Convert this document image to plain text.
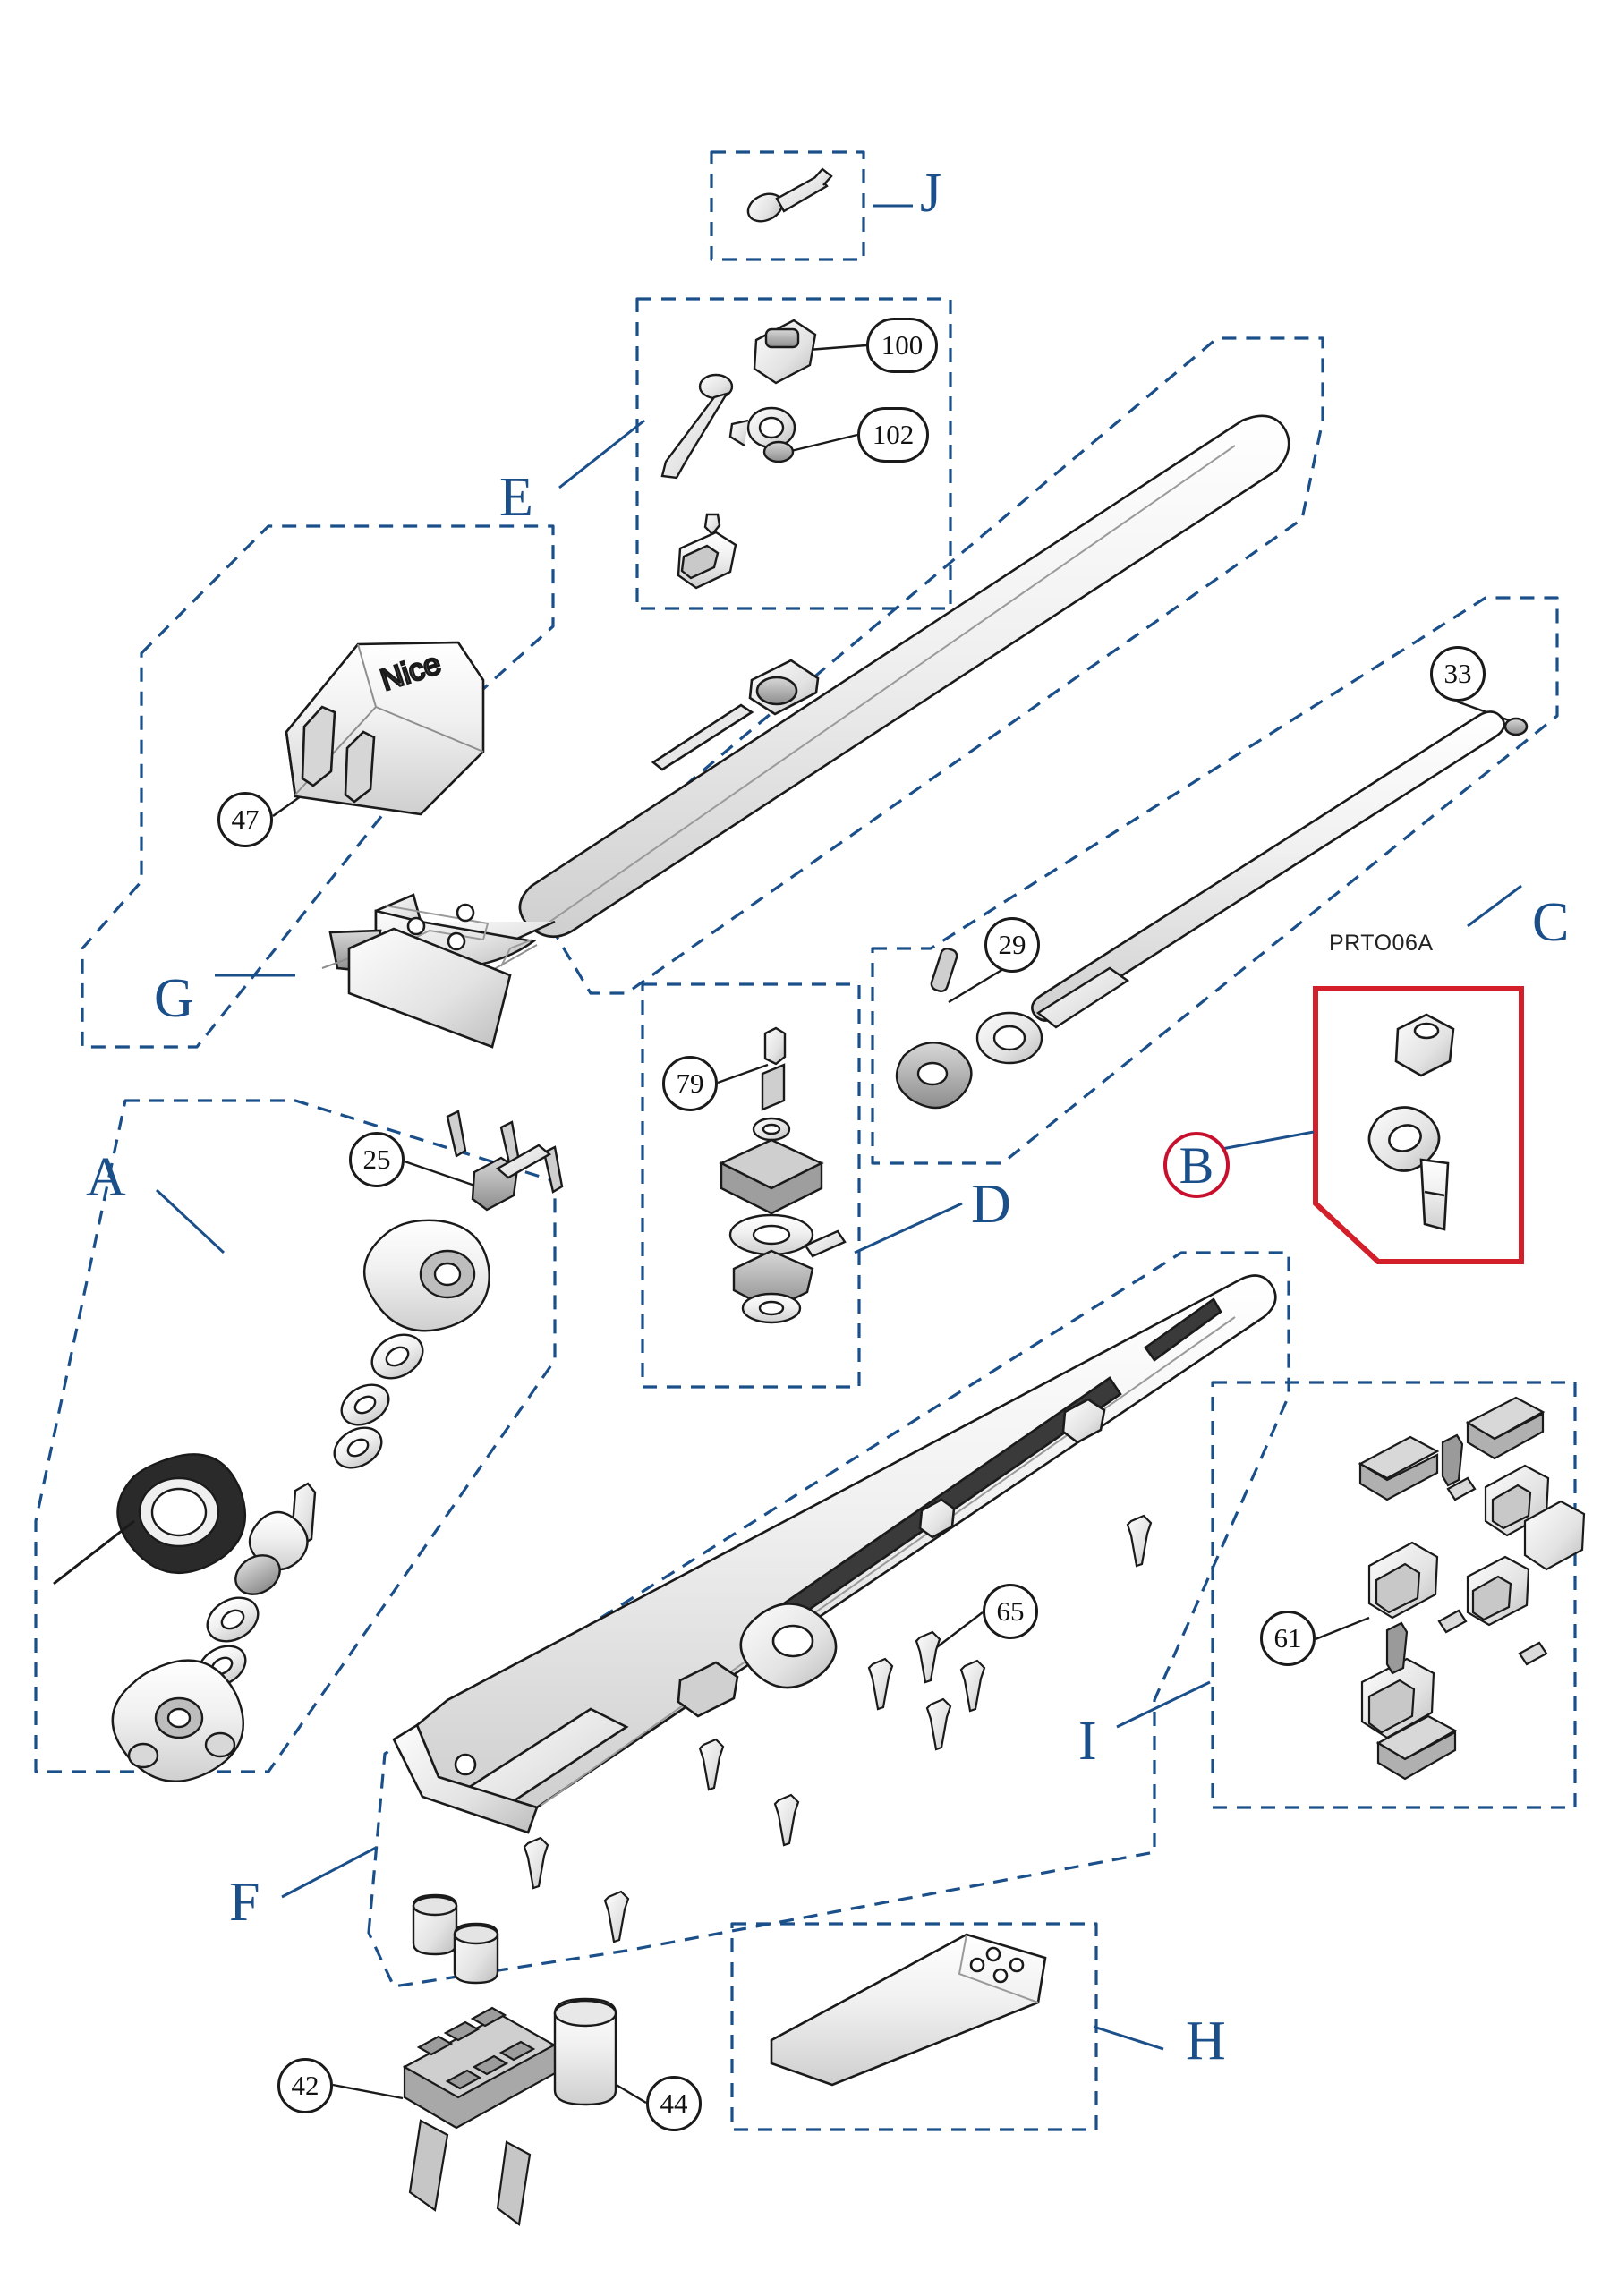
Nice
J
E
C
G
A	D
B
I
F
H
PRTO06A
100
102
33
47
29
79
25
65
61
42
44
